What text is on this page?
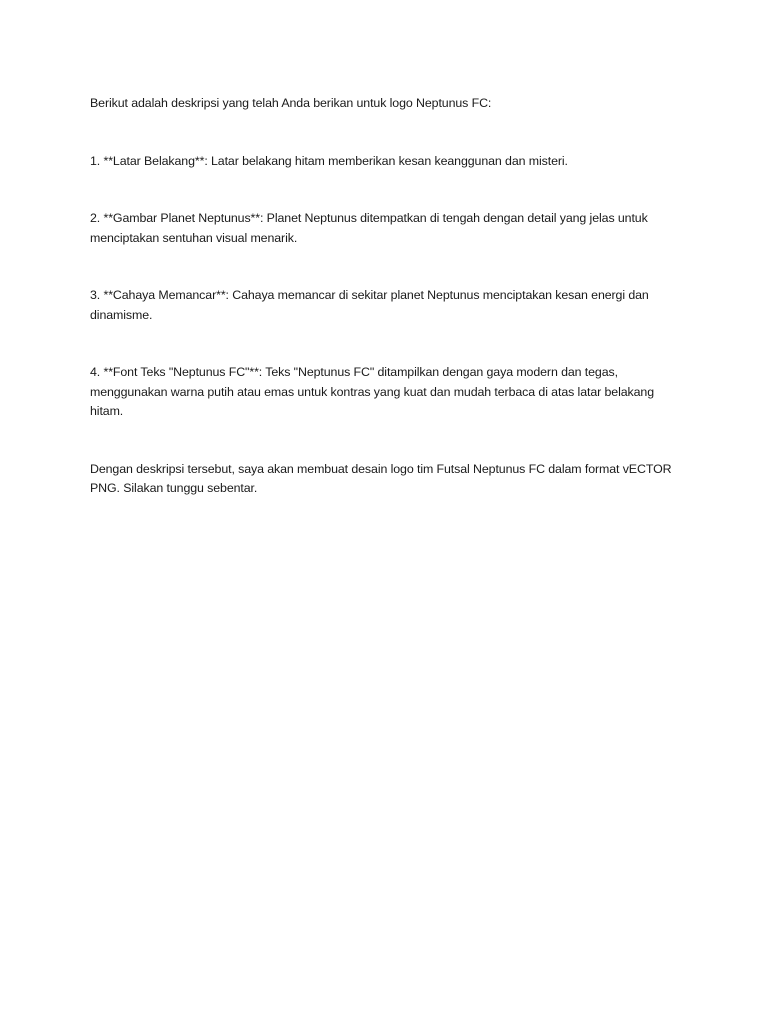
Berikut adalah deskripsi yang telah Anda berikan untuk logo Neptunus FC:

1. **Latar Belakang**: Latar belakang hitam memberikan kesan keanggunan dan misteri.

2. **Gambar Planet Neptunus**: Planet Neptunus ditempatkan di tengah dengan detail yang jelas untuk menciptakan sentuhan visual menarik.

3. **Cahaya Memancar**: Cahaya memancar di sekitar planet Neptunus menciptakan kesan energi dan dinamisme.

4. **Font Teks "Neptunus FC"**: Teks "Neptunus FC" ditampilkan dengan gaya modern dan tegas, menggunakan warna putih atau emas untuk kontras yang kuat dan mudah terbaca di atas latar belakang hitam.

Dengan deskripsi tersebut, saya akan membuat desain logo tim Futsal Neptunus FC dalam format vECTOR PNG. Silakan tunggu sebentar.
